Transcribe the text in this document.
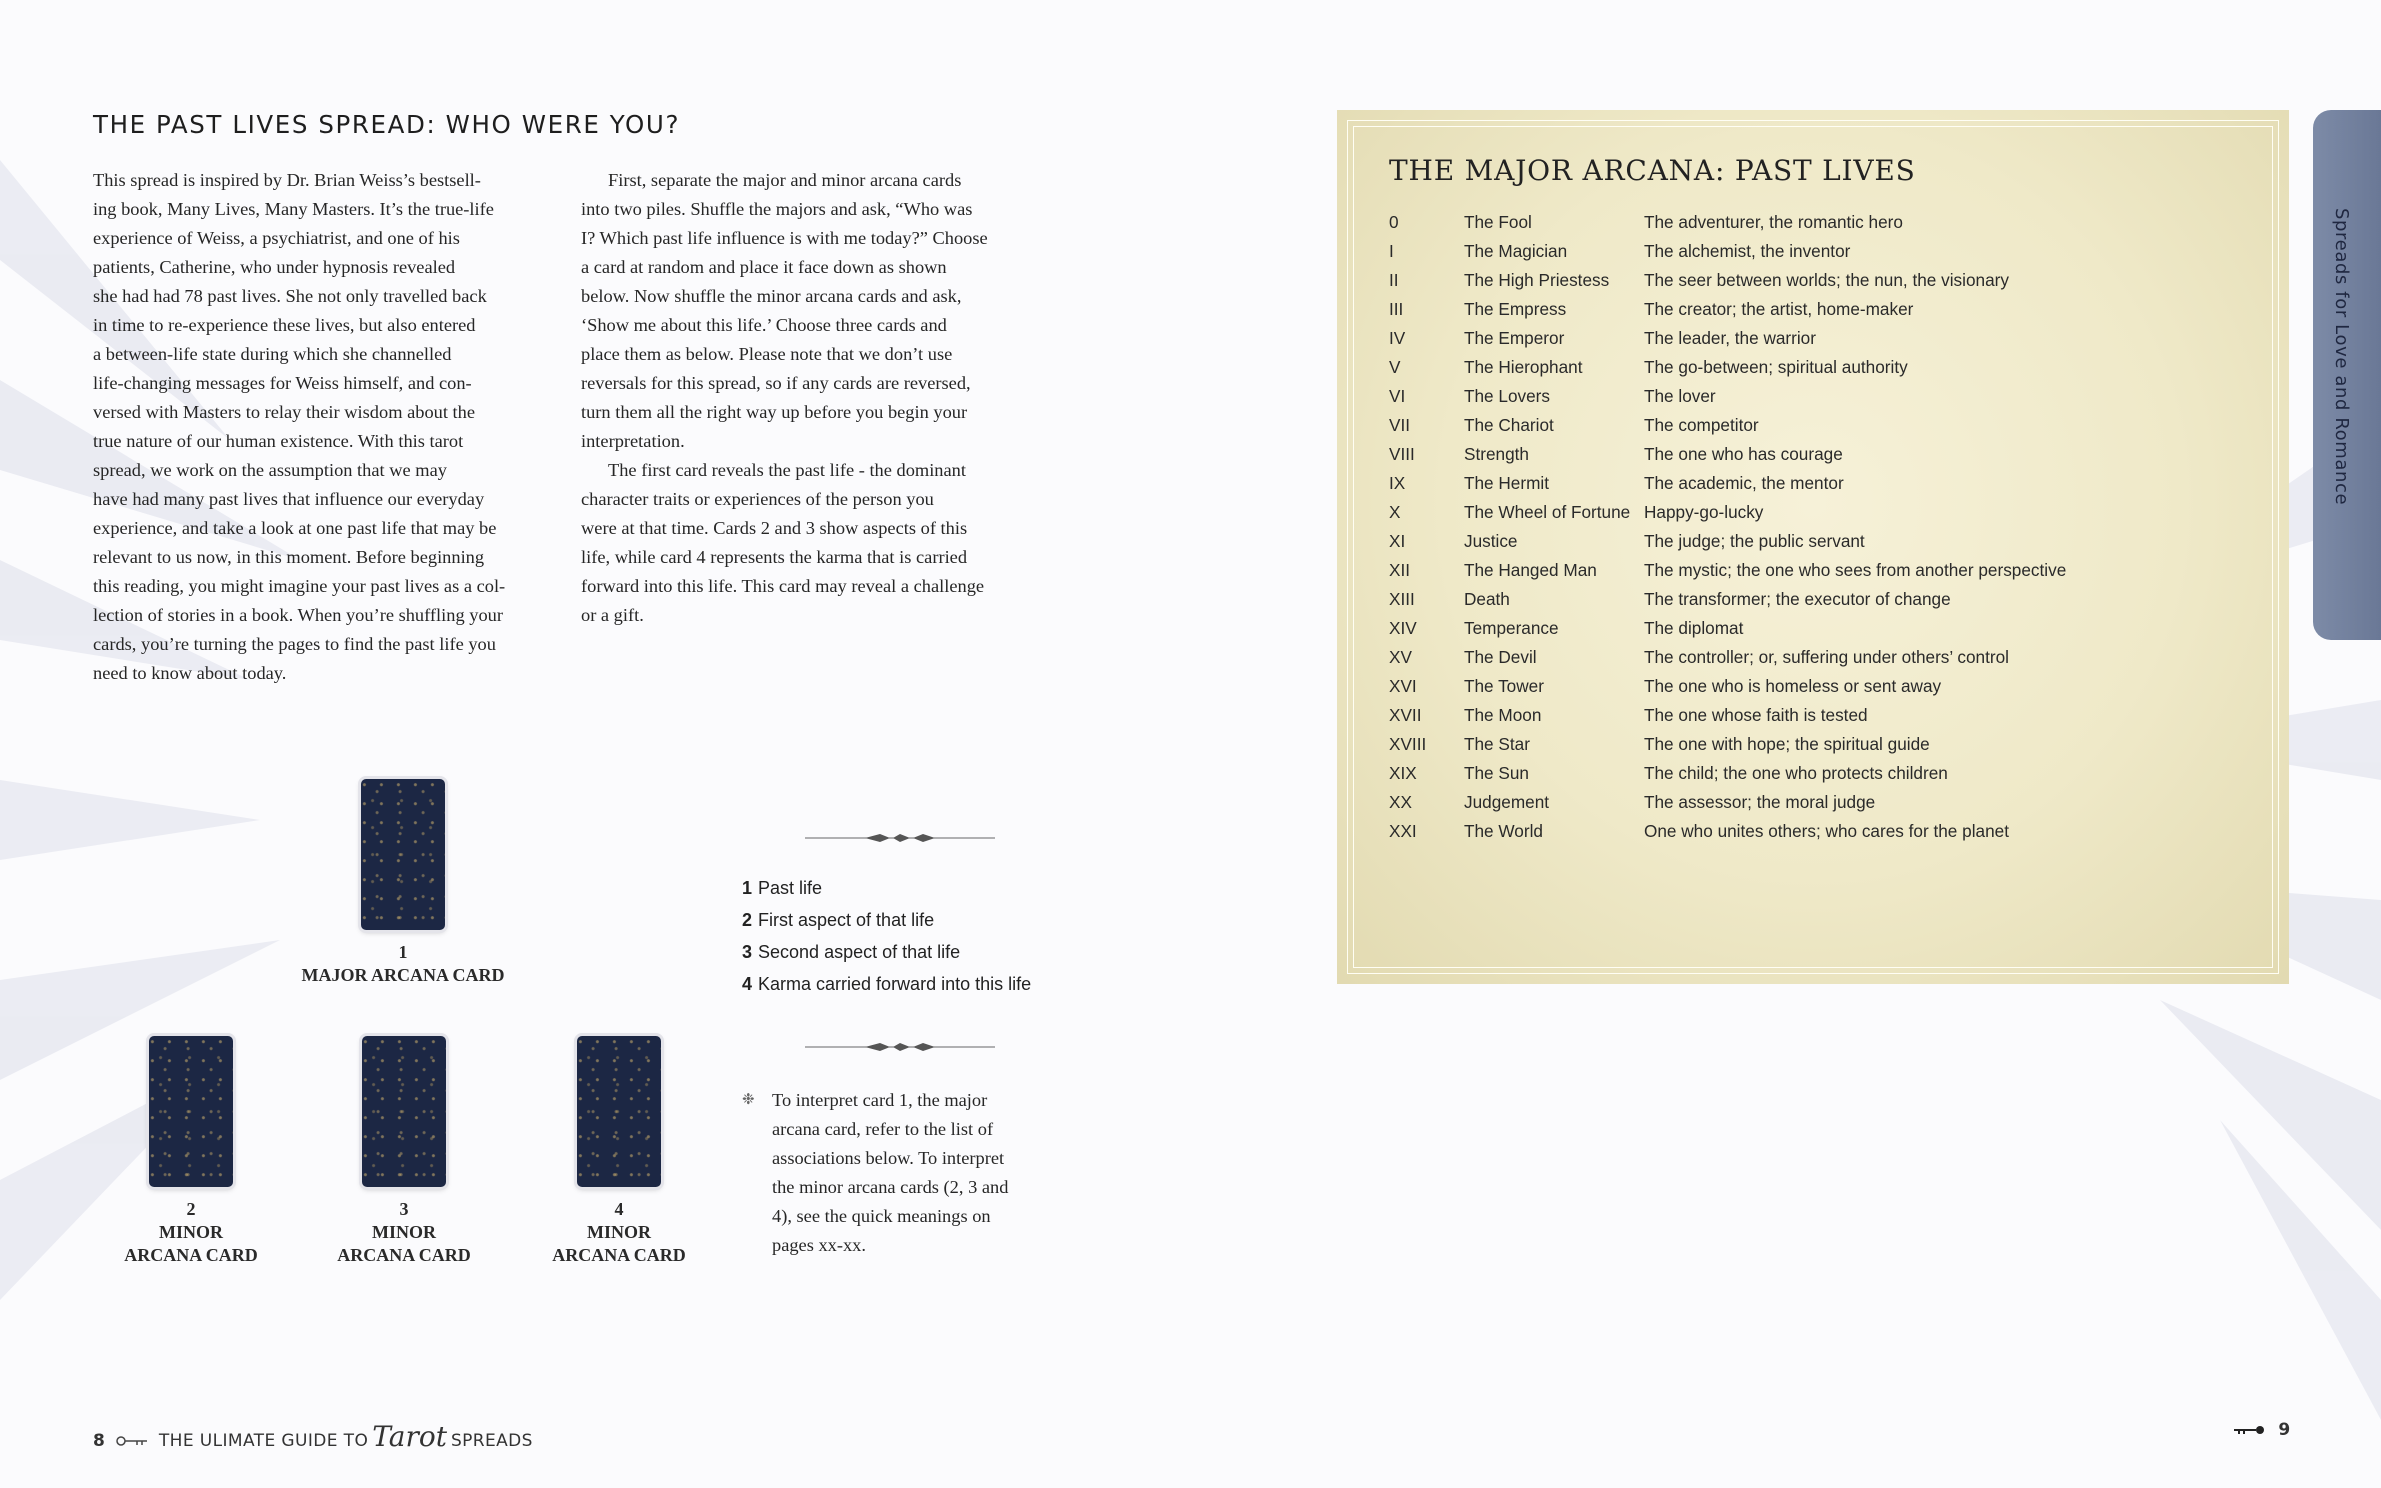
THE PAST LIVES SPREAD: WHO WERE YOU?

This spread is inspired by Dr. Brian Weiss’s bestsell-
ing book, Many Lives, Many Masters. It’s the true-life
experience of Weiss, a psychiatrist, and one of his
patients, Catherine, who under hypnosis revealed
she had had 78 past lives. She not only travelled back
in time to re-experience these lives, but also entered
a between-life state during which she channelled
life-changing messages for Weiss himself, and con-
versed with Masters to relay their wisdom about the
true nature of our human existence. With this tarot
spread, we work on the assumption that we may
have had many past lives that influence our everyday
experience, and take a look at one past life that may be
relevant to us now, in this moment. Before beginning
this reading, you might imagine your past lives as a col-
lection of stories in a book. When you’re shuffling your
cards, you’re turning the pages to find the past life you
need to know about today.

First, separate the major and minor arcana cards
into two piles. Shuffle the majors and ask, “Who was
I? Which past life influence is with me today?” Choose
a card at random and place it face down as shown
below. Now shuffle the minor arcana cards and ask,
‘Show me about this life.’ Choose three cards and
place them as below. Please note that we don’t use
reversals for this spread, so if any cards are reversed,
turn them all the right way up before you begin your
interpretation.

The first card reveals the past life - the dominant
character traits or experiences of the person you
were at that time. Cards 2 and 3 show aspects of this
life, while card 4 represents the karma that is carried
forward into this life. This card may reveal a challenge
or a gift.

1
MAJOR ARCANA CARD
2
MINOR
ARCANA CARD
3
MINOR
ARCANA CARD
4
MINOR
ARCANA CARD
1 Past life
2 First aspect of that life
3 Second aspect of that life
4 Karma carried forward into this life
❉ To interpret card 1, the major
arcana card, refer to the list of
associations below. To interpret
the minor arcana cards (2, 3 and
4), see the quick meanings on
pages xx-xx.
8	THE ULIMATE GUIDE TO Tarot SPREADS
THE MAJOR ARCANA: PAST LIVES
0	The Fool	The adventurer, the romantic hero
I	The Magician	The alchemist, the inventor
II	The High Priestess	The seer between worlds; the nun, the visionary
III	The Empress	The creator; the artist, home-maker
IV	The Emperor	The leader, the warrior
V	The Hierophant	The go-between; spiritual authority
VI	The Lovers	The lover
VII	The Chariot	The competitor
VIII	Strength	The one who has courage
IX	The Hermit	The academic, the mentor
X	The Wheel of Fortune	Happy-go-lucky
XI	Justice	The judge; the public servant
XII	The Hanged Man	The mystic; the one who sees from another perspective
XIII	Death	The transformer; the executor of change
XIV	Temperance	The diplomat
XV	The Devil	The controller; or, suffering under others’ control
XVI	The Tower	The one who is homeless or sent away
XVII	The Moon	The one whose faith is tested
XVIII	The Star	The one with hope; the spiritual guide
XIX	The Sun	The child; the one who protects children
XX	Judgement	The assessor; the moral judge
XXI	The World	One who unites others; who cares for the planet
Spreads for Love and Romance
9
